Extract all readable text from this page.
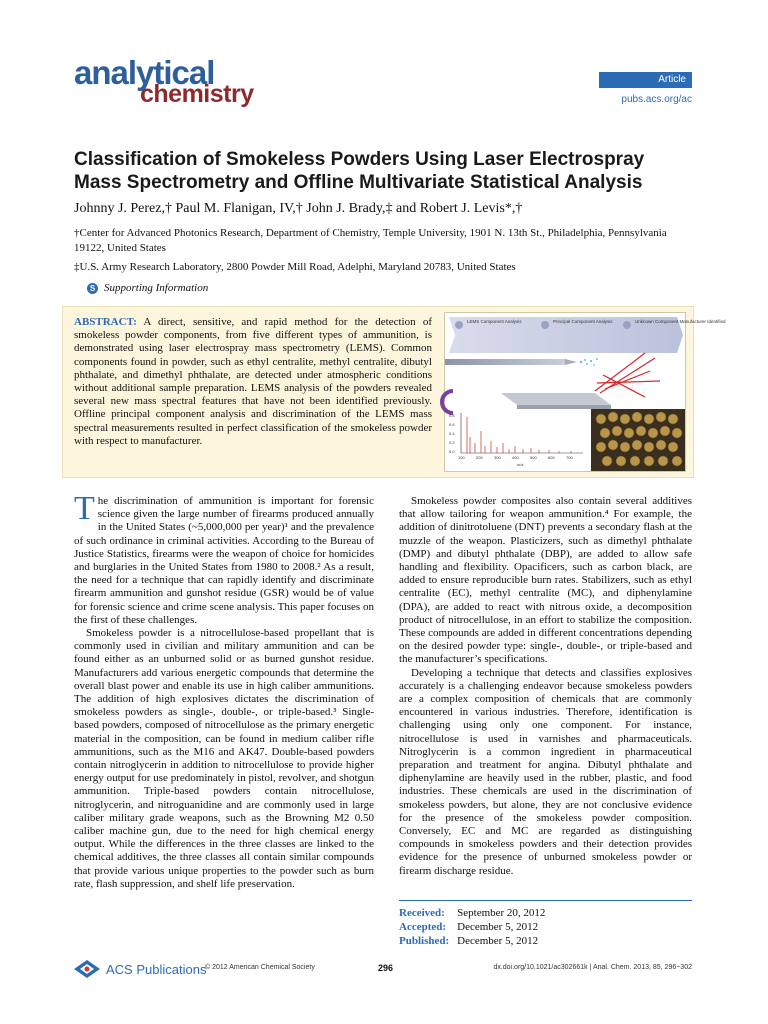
analytical
chemistry
Article
pubs.acs.org/ac
Classification of Smokeless Powders Using Laser Electrospray Mass Spectrometry and Offline Multivariate Statistical Analysis
Johnny J. Perez,† Paul M. Flanigan, IV,† John J. Brady,‡ and Robert J. Levis*,†
†Center for Advanced Photonics Research, Department of Chemistry, Temple University, 1901 N. 13th St., Philadelphia, Pennsylvania 19122, United States
‡U.S. Army Research Laboratory, 2800 Powder Mill Road, Adelphi, Maryland 20783, United States
S Supporting Information
ABSTRACT: A direct, sensitive, and rapid method for the detection of smokeless powder components, from five different types of ammunition, is demonstrated using laser electrospray mass spectrometry (LEMS). Common components found in powder, such as ethyl centralite, methyl centralite, dibutyl phthalate, and dimethyl phthalate, are detected under atmospheric conditions without additional sample preparation. LEMS analysis of the powders revealed several new mass spectral features that have not been identified previously. Offline principal component analysis and discrimination of the LEMS mass spectral measurements resulted in perfect classification of the smokeless powder with respect to manufacturer.
LEMS Component Analysis	Principal Component Analysis	Unknown Component Manufacturer Identified
0.8
0.6
0.4
0.2
0.0
100	200	300	400	500	600	700
m/z

The discrimination of ammunition is important for forensic science given the large number of firearms produced annually in the United States (~5,000,000 per year)¹ and the prevalence of such ordinance in criminal activities. According to the Bureau of Justice Statistics, firearms were the weapon of choice for homicides and burglaries in the United States from 1980 to 2008.² As a result, the need for a technique that can rapidly identify and discriminate firearm ammunition and gunshot residue (GSR) would be of value for forensic science and crime scene analysis. This paper focuses on the first of these challenges.

Smokeless powder is a nitrocellulose-based propellant that is commonly used in civilian and military ammunition and can be found either as an unburned solid or as burned gunshot residue. Manufacturers add various energetic compounds that determine the overall blast power and enable its use in high caliber ammunitions. The addition of high explosives dictates the discrimination of smokeless powders as single-, double-, or triple-based.³ Single-based powders, composed of nitrocellulose as the primary energetic material in the composition, can be found in medium caliber rifle ammunitions, such as the M16 and AK47. Double-based powders contain nitroglycerin in addition to nitrocellulose to provide higher energy output for use predominately in pistol, revolver, and shotgun ammunition. Triple-based powders contain nitrocellulose, nitroglycerin, and nitroguanidine and are commonly used in large caliber military grade weapons, such as the Browning M2 0.50 caliber machine gun, due to the need for high chemical energy output. While the differences in the three classes are linked to the chemical additives, the three classes all contain similar compounds that provide various unique properties to the powder such as burn rate, flash suppression, and shelf life preservation.

Smokeless powder composites also contain several additives that allow tailoring for weapon ammunition.⁴ For example, the addition of dinitrotoluene (DNT) prevents a secondary flash at the muzzle of the weapon. Plasticizers, such as dimethyl phthalate (DMP) and dibutyl phthalate (DBP), are added to allow safe handling and flexibility. Opacificers, such as carbon black, are added to ensure reproducible burn rates. Stabilizers, such as ethyl centralite (EC), methyl centralite (MC), and diphenylamine (DPA), are added to react with nitrous oxide, a decomposition product of nitrocellulose, in an effort to stabilize the composition. These compounds are added in different concentrations depending on the desired powder type: single-, double-, or triple-based and the manufacturer’s specifications.

Developing a technique that detects and classifies explosives accurately is a challenging endeavor because smokeless powders are a complex composition of chemicals that are commonly encountered in various industries. Therefore, identification is challenging using only one component. For instance, nitrocellulose is used in varnishes and pharmaceuticals. Nitroglycerin is a common ingredient in pharmaceutical preparation and treatment for angina. Dibutyl phthalate and diphenylamine are heavily used in the rubber, plastic, and food industries. These chemicals are used in the discrimination of smokeless powders, but alone, they are not conclusive evidence for the presence of the smokeless powder composition. Conversely, EC and MC are regarded as distinguishing compounds in smokeless powders and their detection provides evidence for the presence of unburned smokeless powder or firearm discharge residue.

Received:	September 20, 2012
Accepted:	December 5, 2012
Published:	December 5, 2012
ACS Publications
© 2012 American Chemical Society	296	dx.doi.org/10.1021/ac302661k | Anal. Chem. 2013, 85, 296−302
